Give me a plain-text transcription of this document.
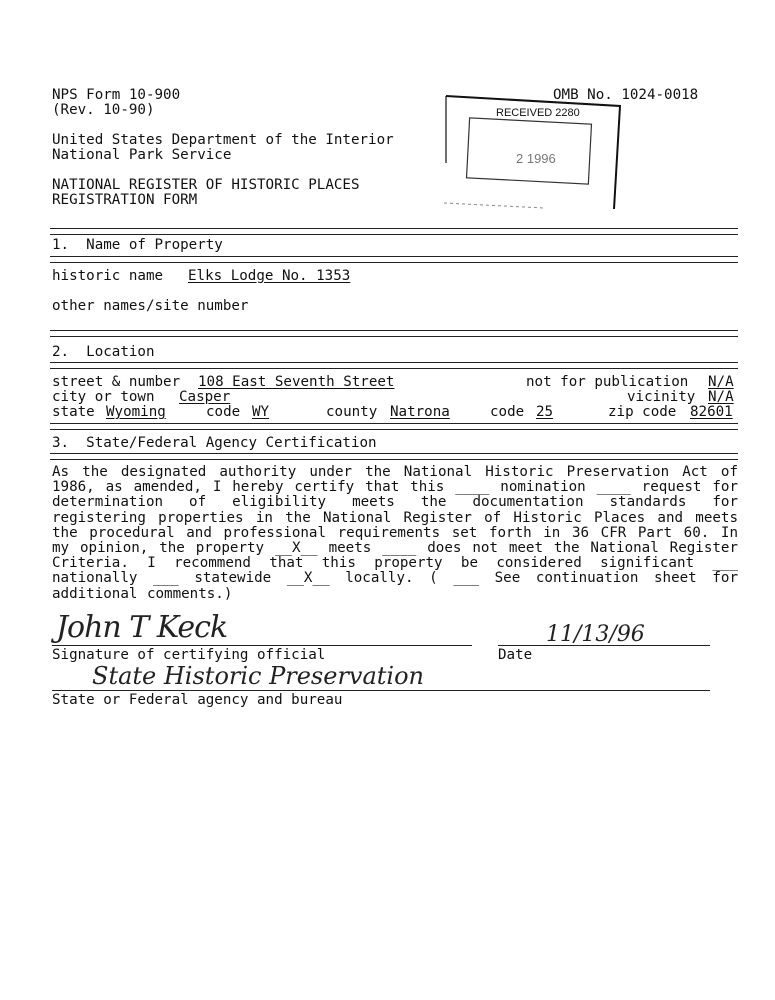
NPS Form 10-900
(Rev. 10-90)
OMB No. 1024-0018
United States Department of the Interior
National Park Service
NATIONAL REGISTER OF HISTORIC PLACES
REGISTRATION FORM
RECEIVED 2280
2 1996
1.  Name of Property
historic name Elks Lodge No. 1353
other names/site number
2.  Location
street & number 108 East Seventh Street	not for publication N/A
city or town Casper	vicinity N/A
state Wyoming	code WY	county Natrona	code 25	zip code 82601
3.  State/Federal Agency Certification
As the designated authority under the National Historic Preservation Act of
1986, as amended, I hereby certify that this ____ nomination ____ request for
determination of eligibility meets the documentation standards for
registering properties in the National Register of Historic Places and meets
the procedural and professional requirements set forth in 36 CFR Part 60. In
my opinion, the property __X__ meets ____ does not meet the National Register
Criteria. I recommend that this property be considered significant ___
nationally ___ statewide __X__ locally. ( ___ See continuation sheet for
additional comments.)
John T Keck	11/13/96
Signature of certifying official	Date
State Historic Preservation
State or Federal agency and bureau
